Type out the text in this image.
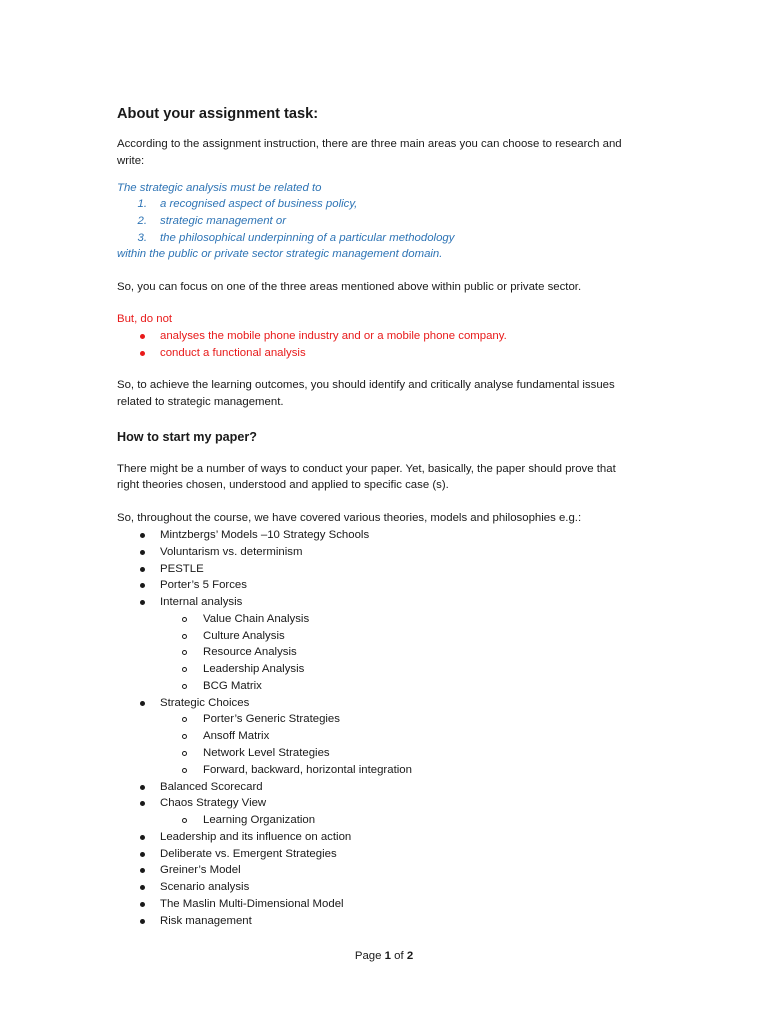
About your assignment task:
According to the assignment instruction, there are three main areas you can choose to research and
write:
The strategic analysis must be related to
1. a recognised aspect of business policy,
2. strategic management or
3. the philosophical underpinning of a particular methodology
within the public or private sector strategic management domain.
So, you can focus on one of the three areas mentioned above within public or private sector.
But, do not
analyses the mobile phone industry and or a mobile phone company.
conduct a functional analysis
So, to achieve the learning outcomes, you should identify and critically analyse fundamental issues
related to strategic management.
How to start my paper?
There might be a number of ways to conduct your paper. Yet, basically, the paper should prove that
right theories chosen, understood and applied to specific case (s).
So, throughout the course, we have covered various theories, models and philosophies e.g.:
Mintzbergs’ Models –10 Strategy Schools
Voluntarism vs. determinism
PESTLE
Porter’s 5 Forces
Internal analysis
Value Chain Analysis
Culture Analysis
Resource Analysis
Leadership Analysis
BCG Matrix
Strategic Choices
Porter’s Generic Strategies
Ansoff Matrix
Network Level Strategies
Forward, backward, horizontal integration
Balanced Scorecard
Chaos Strategy View
Learning Organization
Leadership and its influence on action
Deliberate vs. Emergent Strategies
Greiner’s Model
Scenario analysis
The Maslin Multi-Dimensional Model
Risk management
Page 1 of 2
